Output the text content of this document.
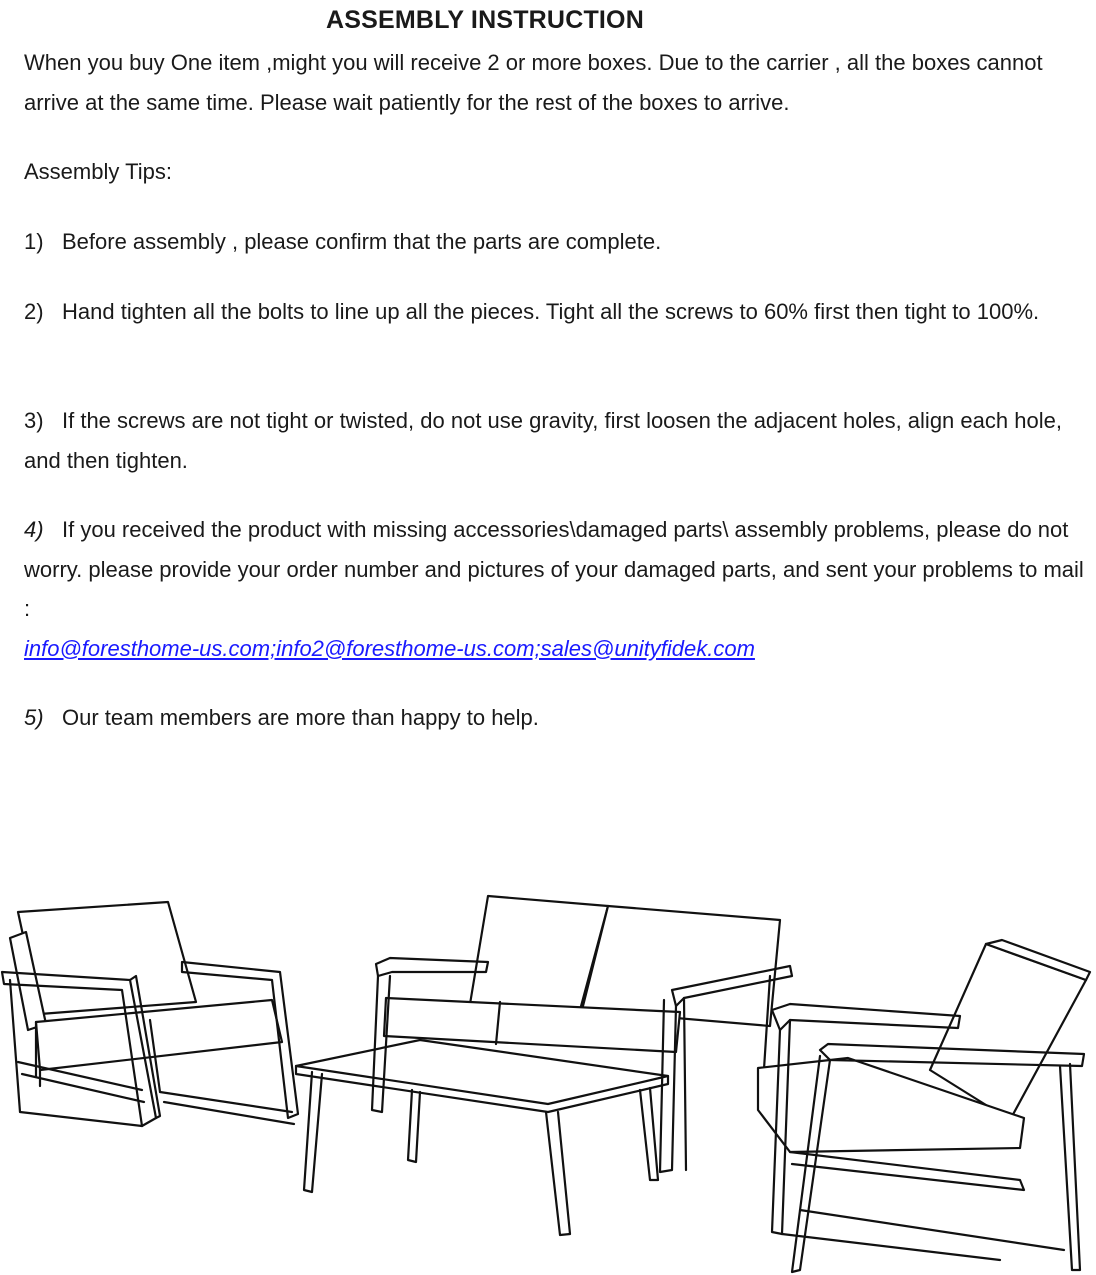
ASSEMBLY INSTRUCTION

When you buy One item ,might you will receive 2 or more boxes. Due to the carrier , all the boxes cannot arrive at the same time. Please wait patiently for the rest of the boxes to arrive.

Assembly Tips:

1) Before assembly , please confirm that the parts are complete.

2) Hand tighten all the bolts to line up all the pieces. Tight all the screws to 60% first then tight to 100%.

3) If the screws are not tight or twisted, do not use gravity, first loosen the adjacent holes, align each hole, and then tighten.

4) If you received the product with missing accessories\damaged parts\ assembly problems, please do not worry. please provide your order number and pictures of your damaged parts, and sent your problems to mail :
info@foresthome-us.com;info2@foresthome-us.com;sales@unityfidek.com

5) Our team members are more than happy to help.
